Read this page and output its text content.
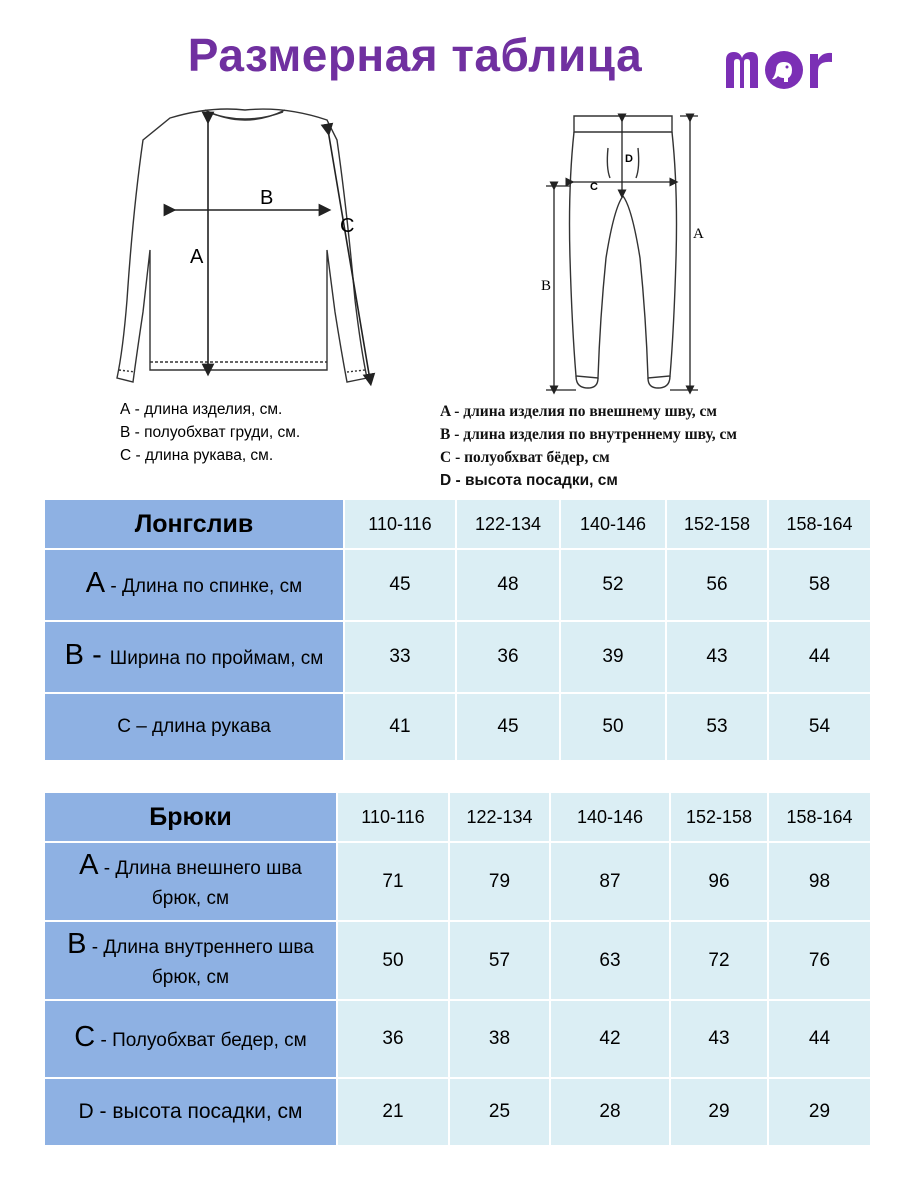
Размерная таблица
A
B
C
А - длина изделия, см.
В - полуобхват груди, см.
С - длина рукава, см.
D
C
A
B
A - длина изделия по внешнему шву, см
B - длина изделия по внутреннему шву, см
C - полуобхват бёдер, см
D - высота посадки, см
Лонгслив	110-116	122-134	140-146	152-158	158-164
А - Длина по спинке, см	45	48	52	56	58
В - Ширина по проймам, см	33	36	39	43	44
С – длина рукава	41	45	50	53	54
Брюки	110-116	122-134	140-146	152-158	158-164

А - Длина внешнего шва
брюк, см	71	79	87	96	98

В - Длина внутреннего шва
брюк, см	50	57	63	72	76
С - Полуобхват бедер, см	36	38	42	43	44
D - высота посадки, см	21	25	28	29	29
